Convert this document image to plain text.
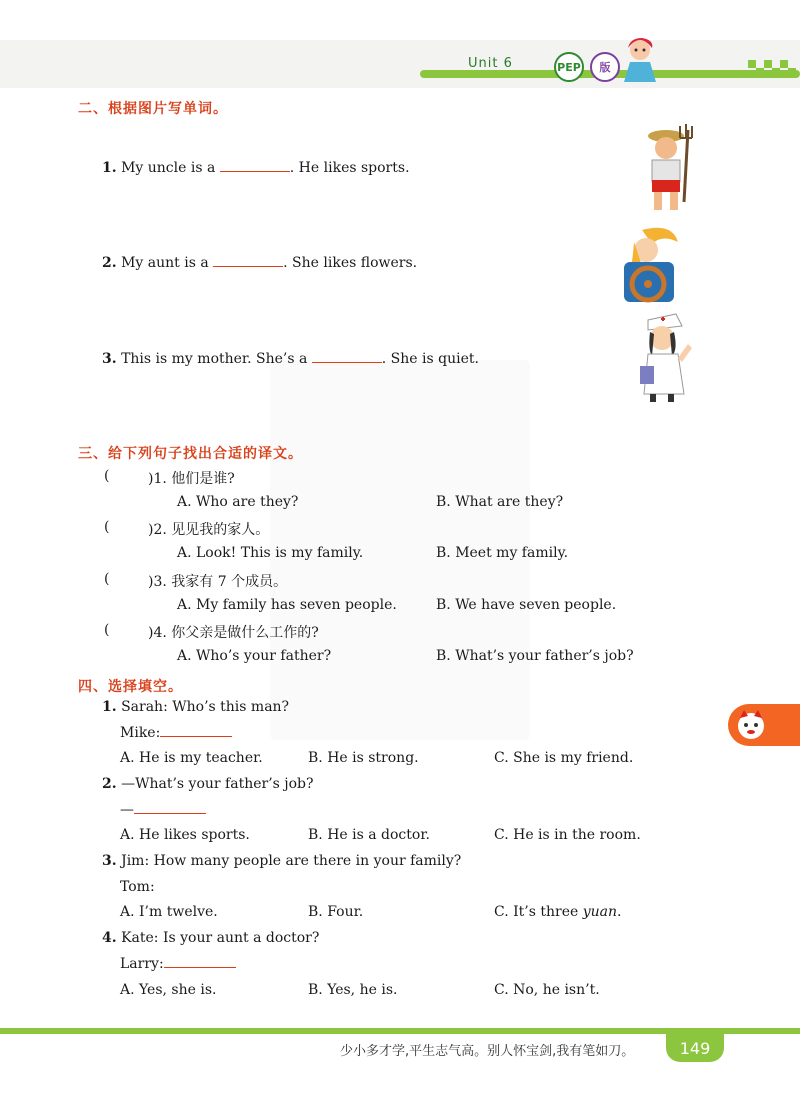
Unit 6	PEP	版
二、根据图片写单词。
1. My uncle is a	. He likes sports.
2. My aunt is a	. She likes flowers.
3. This is my mother. She’s a	. She is quiet.
三、给下列句子找出合适的译文。
(	)1. 他们是谁?
A. Who are they?	B. What are they?
(	)2. 见见我的家人。
A. Look! This is my family.	B. Meet my family.
(	)3. 我家有 7 个成员。
A. My family has seven people.	B. We have seven people.
(	)4. 你父亲是做什么工作的?
A. Who’s your father?	B. What’s your father’s job?
四、选择填空。
1. Sarah: Who’s this man?
Mike:
A. He is my teacher.	B. He is strong.	C. She is my friend.
2. —What’s your father’s job?
—
A. He likes sports.	B. He is a doctor.	C. He is in the room.
3. Jim: How many people are there in your family?
Tom:
A. I’m twelve.	B. Four.	C. It’s three yuan.
4. Kate: Is your aunt a doctor?
Larry:
A. Yes, she is.	B. Yes, he is.	C. No, he isn’t.
少小多才学,平生志气高。别人怀宝剑,我有笔如刀。	149
